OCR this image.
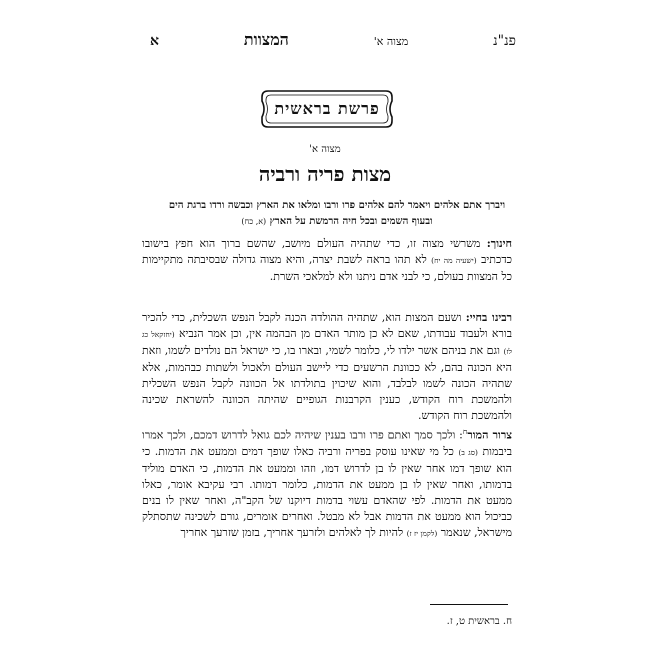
פנ"נ
מצוה א'
המצוות
א
פרשת בראשית
מצוה א'
מצות פריה ורביה
ויברך אתם אלהים ויאמר להם אלהים פרו ורבו ומלאו את הארץ וכבשה ורדו ברגת הים ובעוף השמים ובכל חיה הרמשת על הארץ (א, כח)
חינוך: משרשי מצוה זו, כדי שתהיה העולם מיושב, שהשם ברוך הוא חפץ בישובו כדכתיב (ישעיה מה יח) לא תהו בראה לשבת יצרה, והיא מצוה גדולה שבסיבתה מתקיימות כל המצוות בעולם, כי לבני אדם ניתנו ולא למלאכי השרת.
רבינו בחיי: ושעם המצות הוא, שתהיה ההולדה הכנה לקבל הנפש השכלית, כדי להכיר בורא ולעבוד עבודתו, שאם לא כן מותר האדם מן הבהמה אין, וכן אמר הנביא (יחזקאל כג לז) וגם את בניהם אשר ילדו לי, כלומר לשמי, ובארו בו, כי ישראל הם נולדים לשמו, וזאת היא הכונה בהם, לא ככוונת הרשעים כדי ליישב העולם ולאכול ולשתות כבהמות, אלא שתהיה הכונה לשמו לבלבד, והוא שיכוין בתולדתו אל הכוונה לקבל הנפש השכלית ולהמשכת רוח הקודש, כענין הקרבנות הגופיים שהיתה הכוונה להשראת שכינה ולהמשכת רוח הקודש.
צרור המור$^ח$: ולכך סמך ואתם פרו ורבו בענין שיהיה לכם גואל לדרוש דמכם, ולכך אמרו ביבמות (סג ב) כל מי שאינו עוסק בפריה ורביה כאלו שופך דמים וממעט את הדמות. כי הוא שופך דמו אחר שאין לו בן לדרוש דמו, וזהו וממעט את הדמות, כי האדם מוליד בדמותו, ואחר שאין לו בן ממעט את הדמות, כלומר דמותו. רבי עקיבא אומר, כאלו ממעט את הדמות. לפי שהאדם עשוי בדמות דיוקנו של הקב"ה, ואחר שאין לו בנים כביכול הוא ממעט את הדמות אבל לא מבטל. ואחרים אומרים, גורם לשכינה שתסתלק מישראל, שנאמר (לקמן יז ז) להיות לך לאלהים ולזרעך אחריך, בזמן שזרעך אחריך
ח. בראשית ט, ז.
